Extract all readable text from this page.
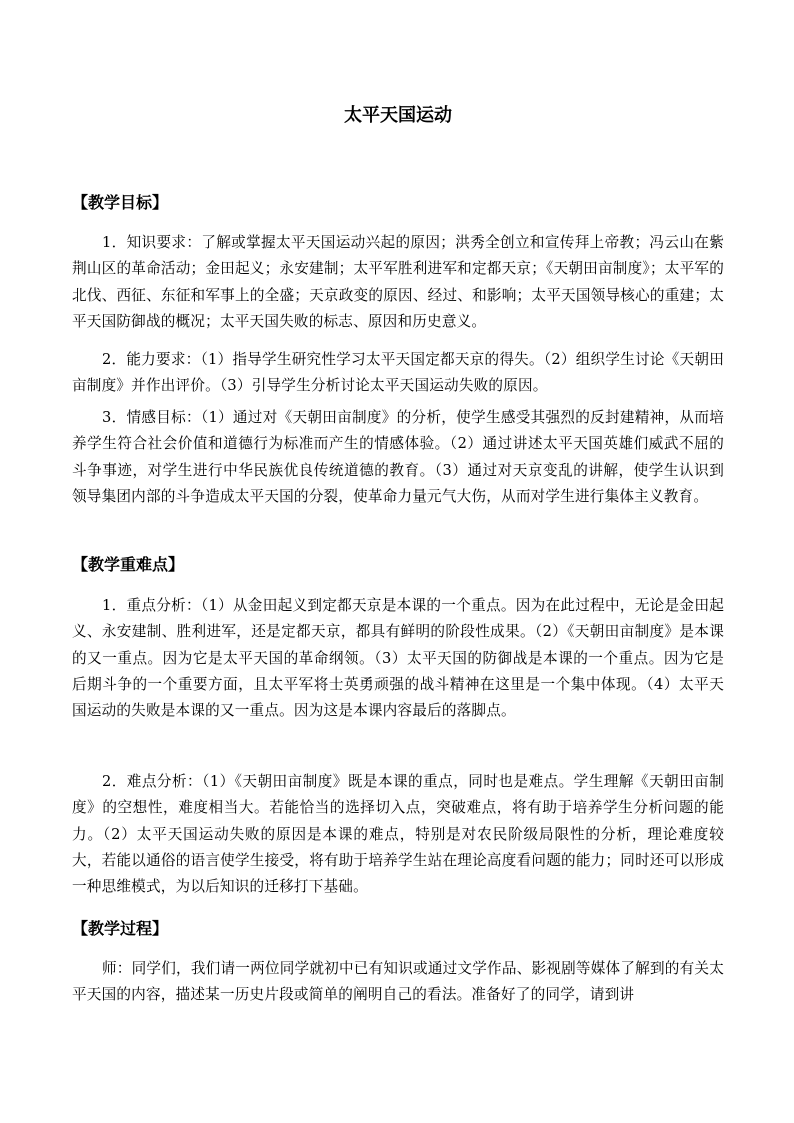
太平天国运动
【教学目标】
1．知识要求：了解或掌握太平天国运动兴起的原因；洪秀全创立和宣传拜上帝教；冯云山在紫荆山区的革命活动；金田起义；永安建制；太平军胜利进军和定都天京；《天朝田亩制度》；太平军的北伐、西征、东征和军事上的全盛；天京政变的原因、经过、和影响；太平天国领导核心的重建；太平天国防御战的概况；太平天国失败的标志、原因和历史意义。
2．能力要求：（1）指导学生研究性学习太平天国定都天京的得失。（2）组织学生讨论《天朝田亩制度》并作出评价。（3）引导学生分析讨论太平天国运动失败的原因。
3．情感目标：（1）通过对《天朝田亩制度》的分析，使学生感受其强烈的反封建精神，从而培养学生符合社会价值和道德行为标准而产生的情感体验。（2）通过讲述太平天国英雄们威武不屈的斗争事迹，对学生进行中华民族优良传统道德的教育。（3）通过对天京变乱的讲解，使学生认识到领导集团内部的斗争造成太平天国的分裂，使革命力量元气大伤，从而对学生进行集体主义教育。
【教学重难点】
1．重点分析：（1）从金田起义到定都天京是本课的一个重点。因为在此过程中，无论是金田起义、永安建制、胜利进军，还是定都天京，都具有鲜明的阶段性成果。（2）《天朝田亩制度》是本课的又一重点。因为它是太平天国的革命纲领。（3）太平天国的防御战是本课的一个重点。因为它是后期斗争的一个重要方面，且太平军将士英勇顽强的战斗精神在这里是一个集中体现。（4）太平天国运动的失败是本课的又一重点。因为这是本课内容最后的落脚点。
2．难点分析：（1）《天朝田亩制度》既是本课的重点，同时也是难点。学生理解《天朝田亩制度》的空想性，难度相当大。若能恰当的选择切入点，突破难点，将有助于培养学生分析问题的能力。（2）太平天国运动失败的原因是本课的难点，特别是对农民阶级局限性的分析，理论难度较大，若能以通俗的语言使学生接受，将有助于培养学生站在理论高度看问题的能力；同时还可以形成一种思维模式，为以后知识的迁移打下基础。
【教学过程】
师：同学们，我们请一两位同学就初中已有知识或通过文学作品、影视剧等媒体了解到的有关太平天国的内容，描述某一历史片段或简单的阐明自己的看法。准备好了的同学，请到讲
